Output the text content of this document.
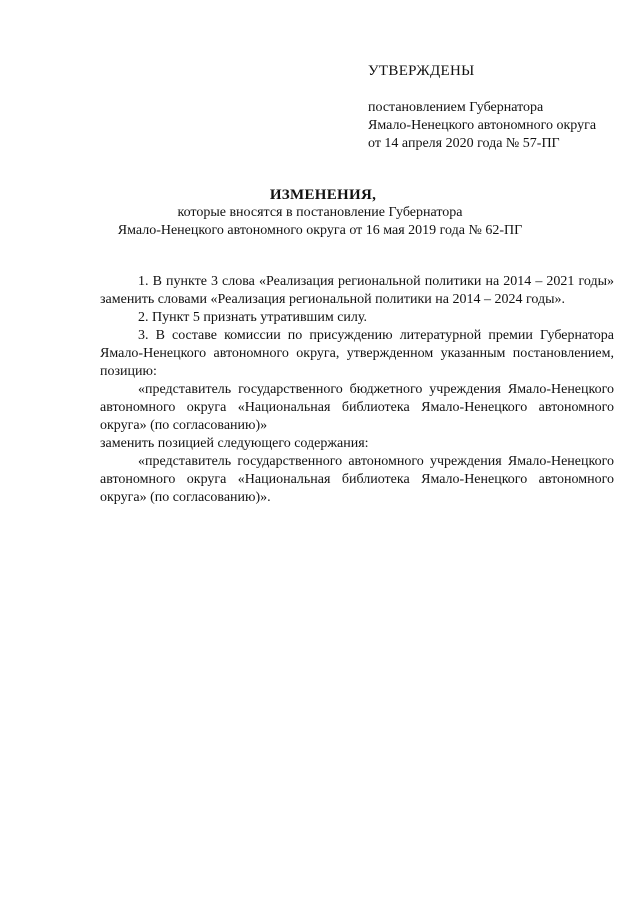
УТВЕРЖДЕНЫ
постановлением Губернатора
Ямало-Ненецкого автономного округа
от 14 апреля 2020 года № 57-ПГ
ИЗМЕНЕНИЯ,
которые вносятся в постановление Губернатора
Ямало-Ненецкого автономного округа от 16 мая 2019 года № 62-ПГ

1. В пункте 3 слова «Реализация региональной политики на 2014 – 2021 годы» заменить словами «Реализация региональной политики на 2014 – 2024 годы».

2. Пункт 5 признать утратившим силу.

3. В составе комиссии по присуждению литературной премии Губернатора Ямало-Ненецкого автономного округа, утвержденном указанным постановлением, позицию:

«представитель государственного бюджетного учреждения Ямало-Ненецкого автономного округа «Национальная библиотека Ямало-Ненецкого автономного округа» (по согласованию)»

заменить позицией следующего содержания:

«представитель государственного автономного учреждения Ямало-Ненецкого автономного округа «Национальная библиотека Ямало-Ненецкого автономного округа» (по согласованию)».
